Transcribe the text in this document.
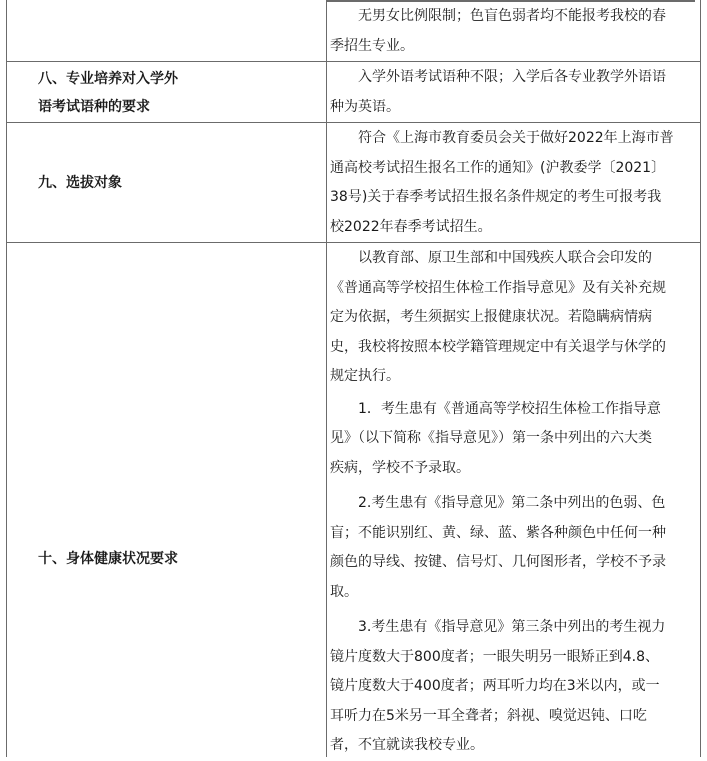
无男女比例限制；色盲色弱者均不能报考我校的春

季招生专业。

八、专业培养对入学外
语考试语种的要求

入学外语考试语种不限；入学后各专业教学外语语

种为英语。

九、选拔对象

符合《上海市教育委员会关于做好2022年上海市普

通高校考试招生报名工作的通知》(沪教委学〔2021〕

38号)关于春季考试招生报名条件规定的考生可报考我

校2022年春季考试招生。

十、身体健康状况要求
以教育部、原卫生部和中国残疾人联合会印发的
《普通高等学校招生体检工作指导意见》及有关补充规
定为依据，考生须据实上报健康状况。若隐瞒病情病
史，我校将按照本校学籍管理规定中有关退学与休学的
规定执行。
1．考生患有《普通高等学校招生体检工作指导意
见》（以下简称《指导意见》）第一条中列出的六大类
疾病，学校不予录取。
2.考生患有《指导意见》第二条中列出的色弱、色
盲；不能识别红、黄、绿、蓝、紫各种颜色中任何一种
颜色的导线、按键、信号灯、几何图形者，学校不予录
取。
3.考生患有《指导意见》第三条中列出的考生视力
镜片度数大于800度者；一眼失明另一眼矫正到4.8、
镜片度数大于400度者；两耳听力均在3米以内，或一
耳听力在5米另一耳全聋者；斜视、嗅觉迟钝、口吃
者，不宜就读我校专业。
